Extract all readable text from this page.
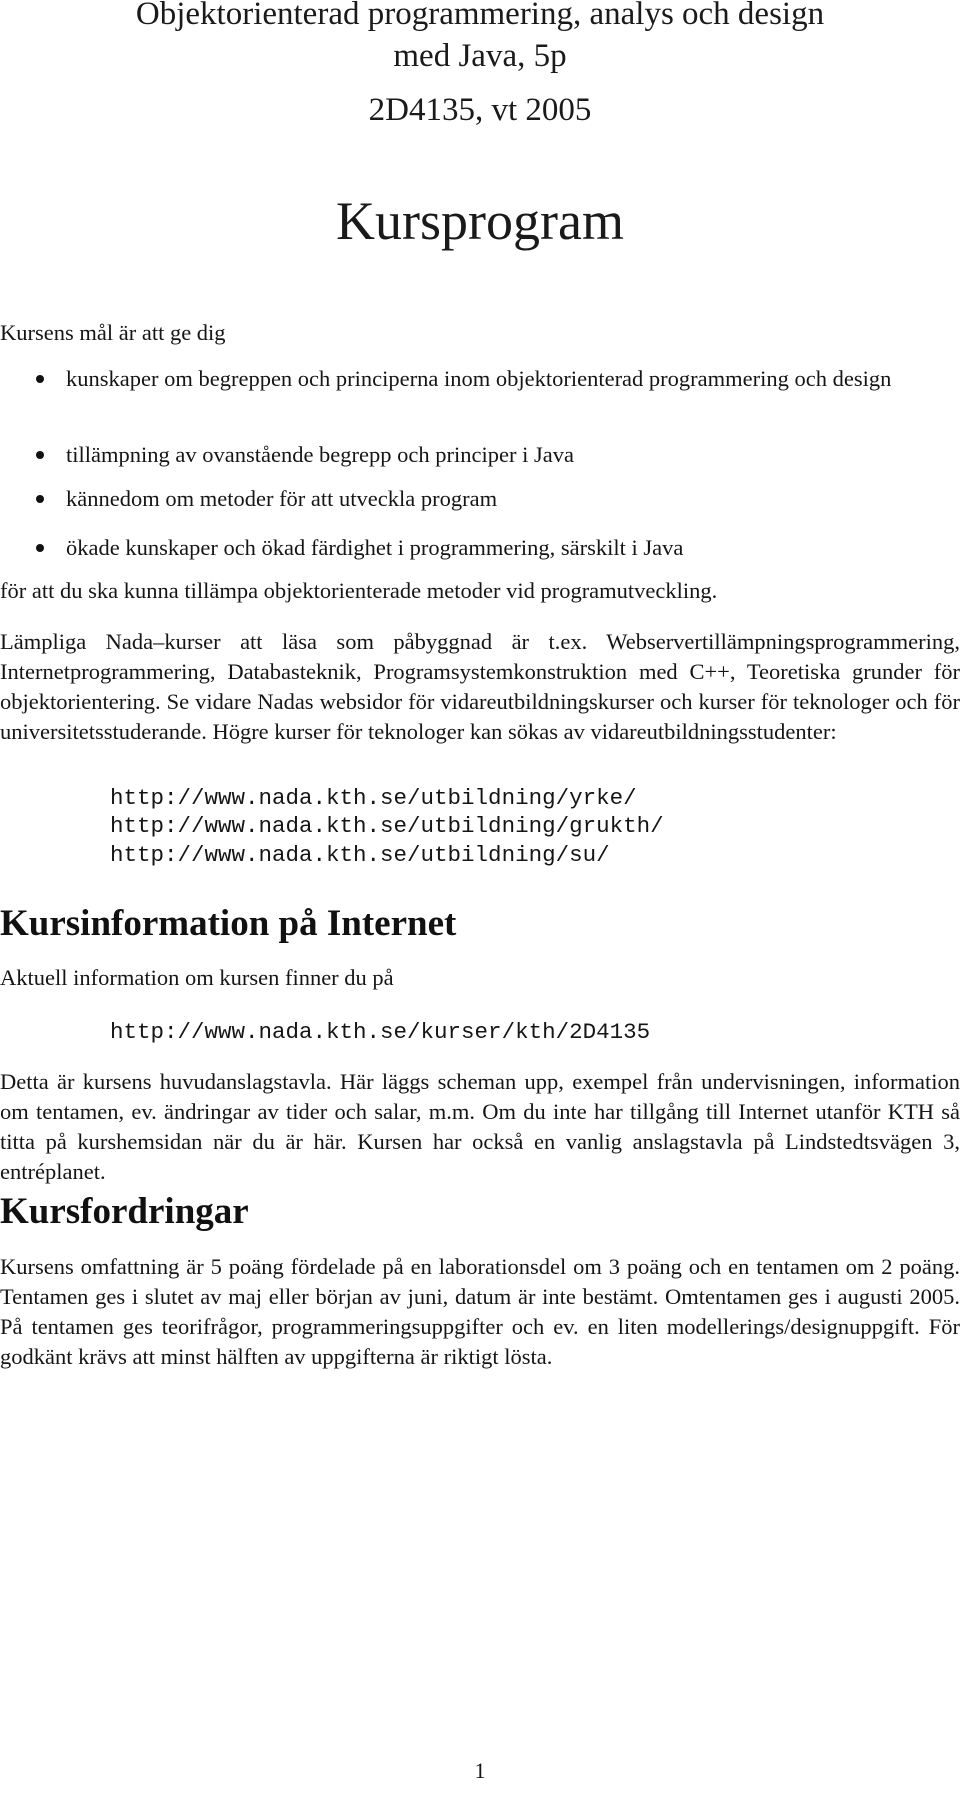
Objektorienterad programmering, analys och design
med Java, 5p
2D4135, vt 2005
Kursprogram

Kursens mål är att ge dig

kunskaper om begreppen och principerna inom objektorienterad programmering och design
tillämpning av ovanstående begrepp och principer i Java
kännedom om metoder för att utveckla program
ökade kunskaper och ökad färdighet i programmering, särskilt i Java

för att du ska kunna tillämpa objektorienterade metoder vid programutveckling.

Lämpliga Nada–kurser att läsa som påbyggnad är t.ex. Webservertillämpningsprogrammering, Internetprogrammering, Databasteknik, Programsystemkonstruktion med C++, Teoretiska grunder för objektorientering. Se vidare Nadas websidor för vidareutbildningskurser och kurser för teknologer och för universitetsstuderande. Högre kurser för teknologer kan sökas av vidareutbildningsstudenter:

http://www.nada.kth.se/utbildning/yrke/
http://www.nada.kth.se/utbildning/grukth/
http://www.nada.kth.se/utbildning/su/
Kursinformation på Internet

Aktuell information om kursen finner du på

http://www.nada.kth.se/kurser/kth/2D4135

Detta är kursens huvudanslagstavla. Här läggs scheman upp, exempel från undervisningen, information om tentamen, ev. ändringar av tider och salar, m.m. Om du inte har tillgång till Internet utanför KTH så titta på kurshemsidan när du är här. Kursen har också en vanlig anslagstavla på Lindstedtsvägen 3, entréplanet.

Kursfordringar

Kursens omfattning är 5 poäng fördelade på en laborationsdel om 3 poäng och en tentamen om 2 poäng. Tentamen ges i slutet av maj eller början av juni, datum är inte bestämt. Omtentamen ges i augusti 2005. På tentamen ges teorifrågor, programmeringsuppgifter och ev. en liten modellerings/designuppgift. För godkänt krävs att minst hälften av uppgifterna är riktigt lösta.

1
